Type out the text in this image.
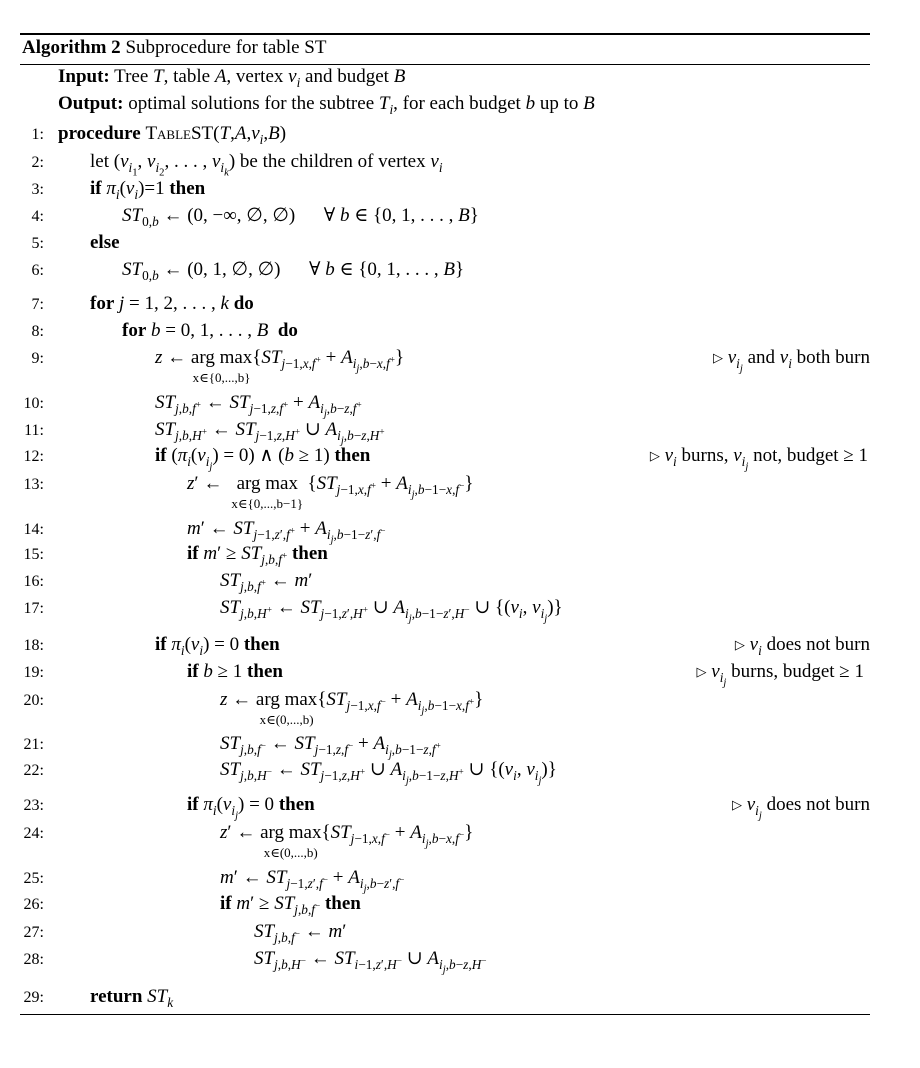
Algorithm 2 Subprocedure for table ST
Input: Tree T, table A, vertex $v_i$ and budget B
Output: optimal solutions for the subtree $T_i$, for each budget b up to B
1: procedure $TableST(T,A,v_i,B)$
2: let ($v_{i_1}$, $v_{i_2}$, . . . , $v_{i_k}$) be the children of vertex $v_i$
3: if $\pi_i(v_i)=1$ then
4:	$ST_{0,b}$ ← (0, −∞, ∅, ∅)      ∀ b ∈ {0, 1, . . . , B}
5: else
6:	$ST_{0,b}$ ← (0, 1, ∅, ∅)      ∀ b ∈ {0, 1, . . . , B}
7: for j = 1, 2, . . . , k do
8:	for b = 0, 1, . . . , B do
9:	z ← arg max
x∈{0,...,b}
$\{ST_{j-1,x,f^+} + A_{i_j,b-x,f^+}\}$	▷ $v_{i_j}$ and $v_i$ both burn
10:	$ST_{j,b,f^+}$ ← $ST_{j-1,z,f^+} + A_{i_j,b-z,f^+}$
11:	$ST_{j,b,H^+}$ ← $ST_{j-1,z,H^+}$ ∪ $A_{i_j,b-z,H^+}$
12:	if $(\pi_i(v_{i_j}) = 0)$ ∧ (b ≥ 1) then	▷ $v_i$ burns, $v_{i_j}$ not, budget ≥ 1
13:	z′ ←   arg max
x∈{0,...,b−1}
$\{ST_{j-1,x,f^+} + A_{i_j,b-1-x,f^-}\}$
14:	m′ ← $ST_{j-1,z',f^+} + A_{i_j,b-1-z',f^-}$
15:	if $m' \ge ST_{j,b,f^+}$ then
16:	$ST_{j,b,f^+}$ ← m′
17:	$ST_{j,b,H^+}$ ← $ST_{j-1,z',H^+}$ ∪ $A_{i_j,b-1-z',H^-}$ ∪ {($v_i$, $v_{i_j}$)}
18:	if $\pi_i(v_i) = 0$ then	▷ $v_i$ does not burn
19:	if b ≥ 1 then	▷ $v_{i_j}$ burns, budget ≥ 1
20:	z ← arg max
x∈(0,...,b)
$\{ST_{j-1,x,f^-} + A_{i_j,b-1-x,f^+}\}$
21:	$ST_{j,b,f^-}$ ← $ST_{j-1,z,f^-} + A_{i_j,b-1-z,f^+}$
22:	$ST_{j,b,H^-}$ ← $ST_{j-1,z,H^+}$ ∪ $A_{i_j,b-1-z,H^+}$ ∪ {($v_i$, $v_{i_j}$)}
23:	if $\pi_i(v_{i_j}) = 0$ then	▷ $v_{i_j}$ does not burn
24:	z′ ← arg max
x∈(0,...,b)
$\{ST_{j-1,x,f^-} + A_{i_j,b-x,f^-}\}$
25:	m′ ← $ST_{j-1,z',f^-} + A_{i_j,b-z',f^-}$
26:	if $m' \ge ST_{j,b,f^-}$ then
27:	$ST_{j,b,f^-}$ ← m′
28:	$ST_{j,b,H^-}$ ← $ST_{i-1,z',H^-}$ ∪ $A_{i_j,b-z,H^-}$
29: return $ST_k$
